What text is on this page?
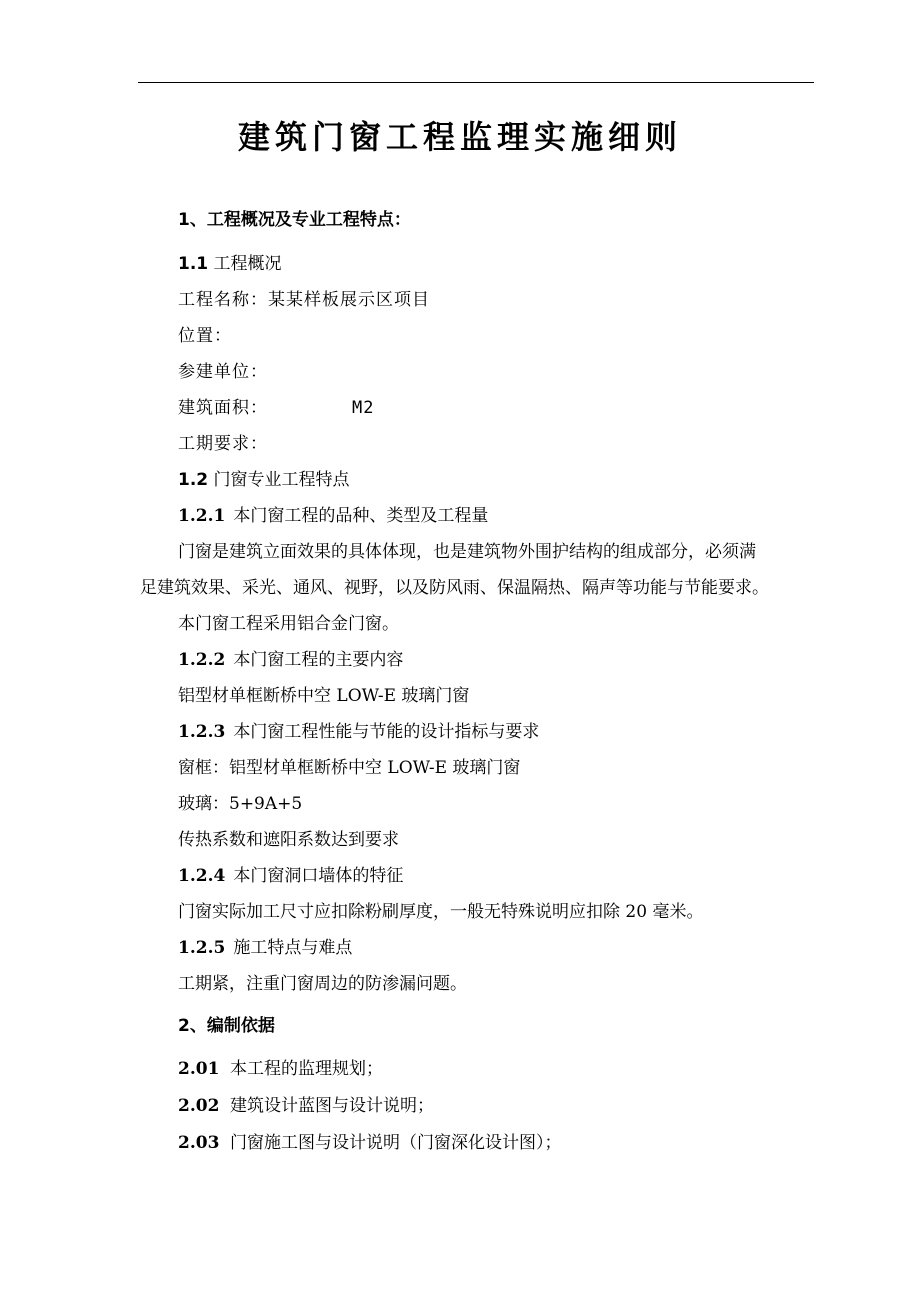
建筑门窗工程监理实施细则
1、工程概况及专业工程特点：
1.1 工程概况
工程名称：某某样板展示区项目
位置：
参建单位：
建筑面积：	M2
工期要求：
1.2 门窗专业工程特点
1.2.1 本门窗工程的品种、类型及工程量
门窗是建筑立面效果的具体体现，也是建筑物外围护结构的组成部分，必须满
足建筑效果、采光、通风、视野，以及防风雨、保温隔热、隔声等功能与节能要求。
本门窗工程采用铝合金门窗。
1.2.2 本门窗工程的主要内容
铝型材单框断桥中空 LOW-E 玻璃门窗
1.2.3 本门窗工程性能与节能的设计指标与要求
窗框：铝型材单框断桥中空 LOW-E 玻璃门窗
玻璃：5+9A+5
传热系数和遮阳系数达到要求
1.2.4 本门窗洞口墙体的特征
门窗实际加工尺寸应扣除粉刷厚度，一般无特殊说明应扣除 20 毫米。
1.2.5 施工特点与难点
工期紧，注重门窗周边的防渗漏问题。
2、编制依据
2.01 本工程的监理规划；
2.02 建筑设计蓝图与设计说明；
2.03 门窗施工图与设计说明（门窗深化设计图）；
